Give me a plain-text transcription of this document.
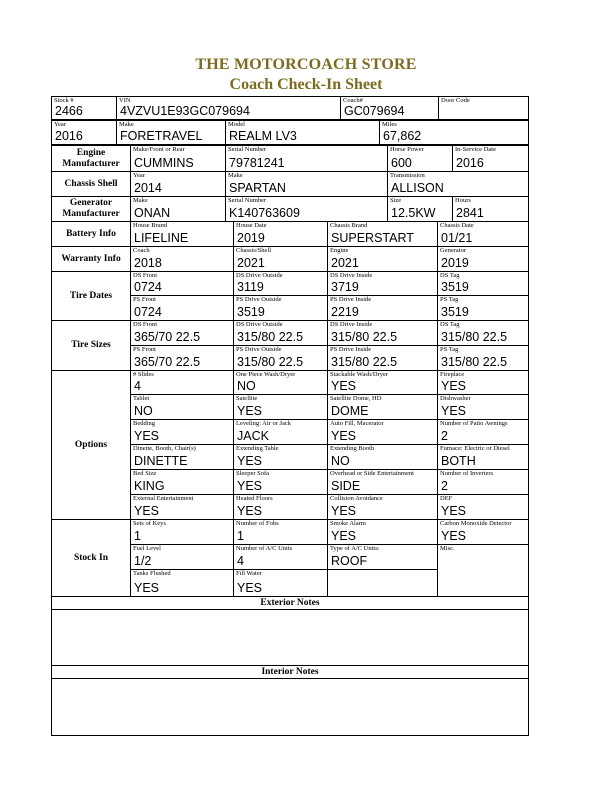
THE MOTORCOACH STORE
Coach Check-In Sheet
Engine Manufacturer
Chassis Shell
Generator Manufacturer
Battery Info
Warranty Info
Tire Dates
Tire Sizes
Options
Stock In
Stock #
2466
VIN
4VZVU1E93GC079694
Coach#
GC079694
Door Code
Year
2016
Make
FORETRAVEL
Model
REALM LV3
Miles
67,862
Make/Front or Rear
CUMMINS
Serial Number
79781241
Horse Power
600
In-Service Date
2016
Year
2014
Make
SPARTAN
Transmission
ALLISON
Make
ONAN
Serial Number
K140763609
Size
12.5KW
Hours
2841
House Brand
LIFELINE
House Date
2019
Chassis Brand
SUPERSTART
Chassis Date
01/21
Coach
2018
Chassis/Shell
2021
Engine
2021
Generator
2019
DS Front
0724
DS Drive Outside
3119
DS Drive Inside
3719
DS Tag
3519
PS Front
0724
PS Drive Outside
3519
PS Drive Inside
2219
PS Tag
3519
DS Front
365/70 22.5
DS Drive Outside
315/80 22.5
DS Drive Inside
315/80 22.5
DS Tag
315/80 22.5
PS Front
365/70 22.5
PS Drive Outside
315/80 22.5
PS Drive Inside
315/80 22.5
PS Tag
315/80 22.5
# Slides
4
One Piece Wash/Dryer
NO
Stackable Wash/Dryer
YES
Fireplace
YES
Tablet
NO
Satellite
YES
Satellite Dome, HD
DOME
Dishwasher
YES
Bedding
YES
Leveling: Air or Jack
JACK
Auto Fill, Macerator
YES
Number of Patio Awnings
2
Dinette, Booth, Chair(s)
DINETTE
Extending Table
YES
Extending Booth
NO
Furnace: Electric or Diesel
BOTH
Bed Size
KING
Sleeper Sofa
YES
Overhead or Side Entertainment
SIDE
Number of Inverters
2
External Entertainment
YES
Heated Floors
YES
Collision Avoidance
YES
DEF
YES
Sets of Keys
1
Number of Fobs
1
Smoke Alarm
YES
Carbon Monoxide Detector
YES
Fuel Level
1/2
Number of A/C Units
4
Type of A/C Units:
ROOF
Misc.
Tanks Flushed
YES
Fill Water
YES
Exterior Notes
Interior Notes
